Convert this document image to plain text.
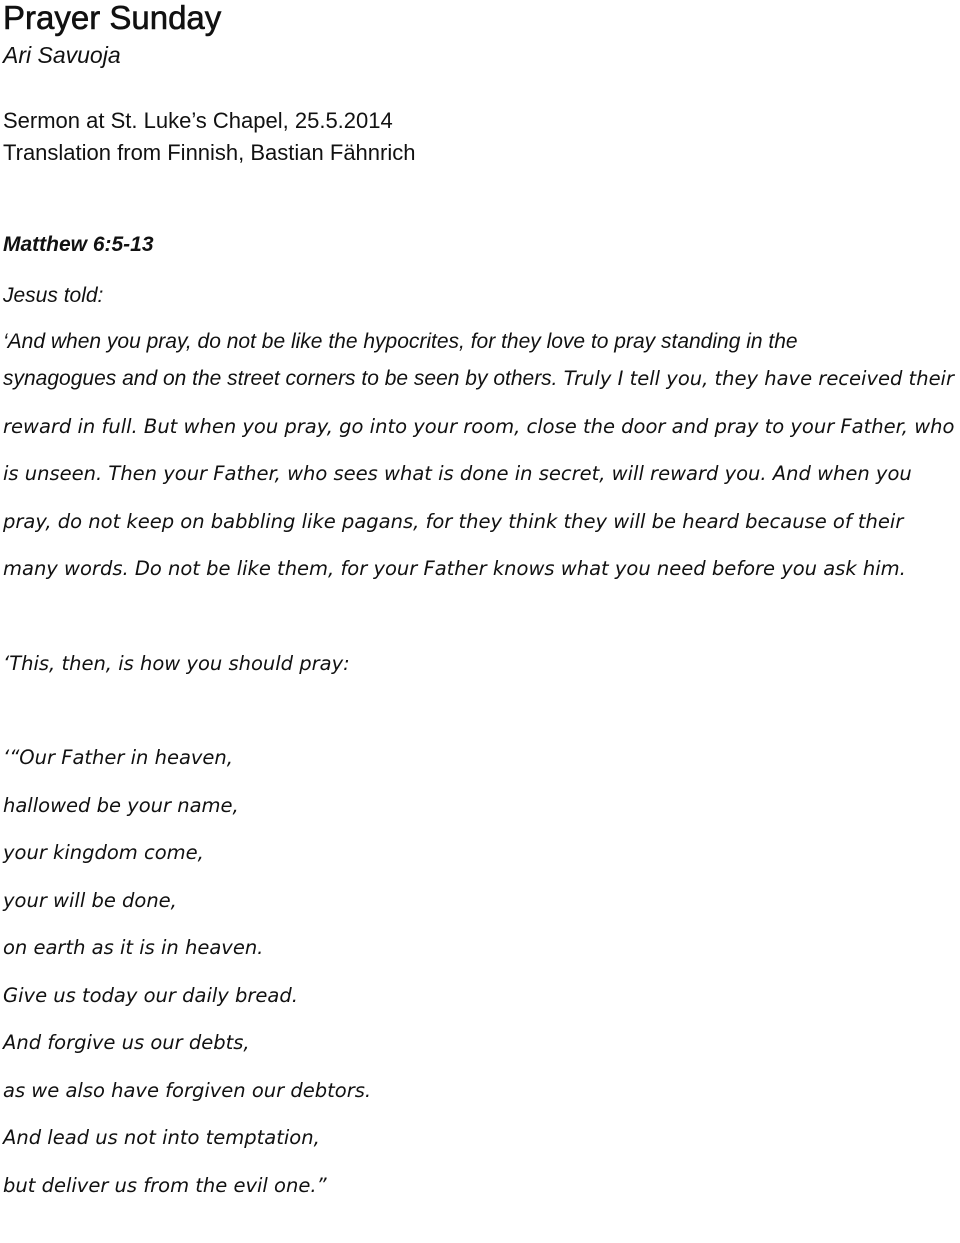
Prayer Sunday
Ari Savuoja
Sermon at St. Luke’s Chapel, 25.5.2014
Translation from Finnish, Bastian Fähnrich
Matthew 6:5-13
Jesus told:
‘And when you pray, do not be like the hypocrites, for they love to pray standing in the
synagogues and on the street corners to be seen by others. Truly I tell you, they have received their reward in full. But when you pray, go into your room, close the door and pray to your Father, who is unseen. Then your Father, who sees what is done in secret, will reward you. And when you pray, do not keep on babbling like pagans, for they think they will be heard because of their many words. Do not be like them, for your Father knows what you need before you ask him.
‘This, then, is how you should pray:
‘“Our Father in heaven,
hallowed be your name,
your kingdom come,
your will be done,
on earth as it is in heaven.
Give us today our daily bread.
And forgive us our debts,
as we also have forgiven our debtors.
And lead us not into temptation,
but deliver us from the evil one.”
